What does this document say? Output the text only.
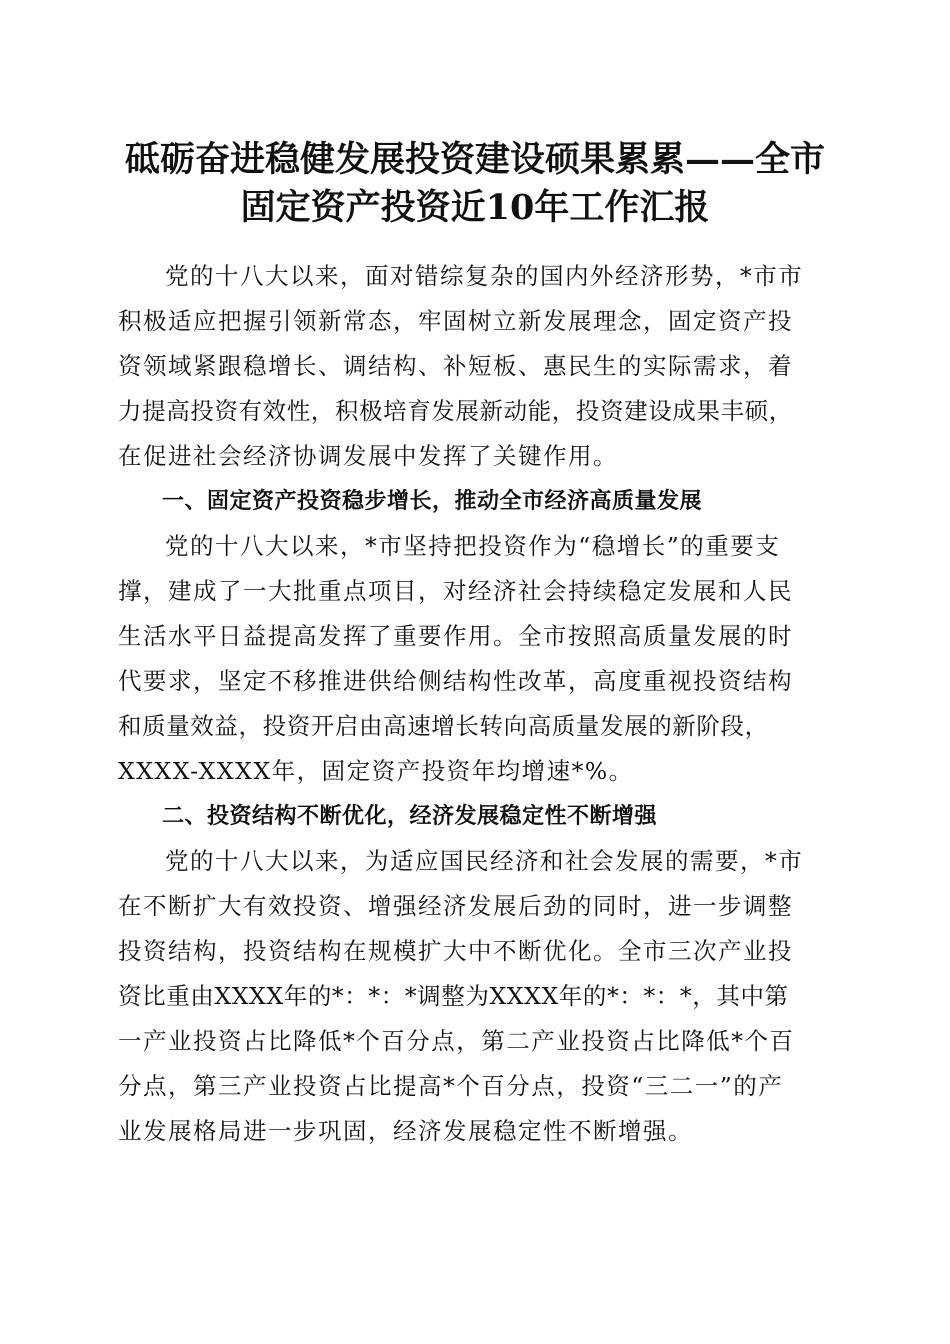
砥砺奋进稳健发展投资建设硕果累累——全市
固定资产投资近10年工作汇报
党的十八大以来，面对错综复杂的国内外经济形势，*市市
积极适应把握引领新常态，牢固树立新发展理念，固定资产投
资领域紧跟稳增长、调结构、补短板、惠民生的实际需求，着
力提高投资有效性，积极培育发展新动能，投资建设成果丰硕，
在促进社会经济协调发展中发挥了关键作用。
一、固定资产投资稳步增长，推动全市经济高质量发展
党的十八大以来，*市坚持把投资作为“稳增长”的重要支
撑，建成了一大批重点项目，对经济社会持续稳定发展和人民
生活水平日益提高发挥了重要作用。全市按照高质量发展的时
代要求，坚定不移推进供给侧结构性改革，高度重视投资结构
和质量效益，投资开启由高速增长转向高质量发展的新阶段，
XXXX-XXXX年，固定资产投资年均增速*%。
二、投资结构不断优化，经济发展稳定性不断增强
党的十八大以来，为适应国民经济和社会发展的需要，*市
在不断扩大有效投资、增强经济发展后劲的同时，进一步调整
投资结构，投资结构在规模扩大中不断优化。全市三次产业投
资比重由XXXX年的*：*：*调整为XXXX年的*：*：*，其中第
一产业投资占比降低*个百分点，第二产业投资占比降低*个百
分点，第三产业投资占比提高*个百分点，投资“三二一”的产
业发展格局进一步巩固，经济发展稳定性不断增强。
